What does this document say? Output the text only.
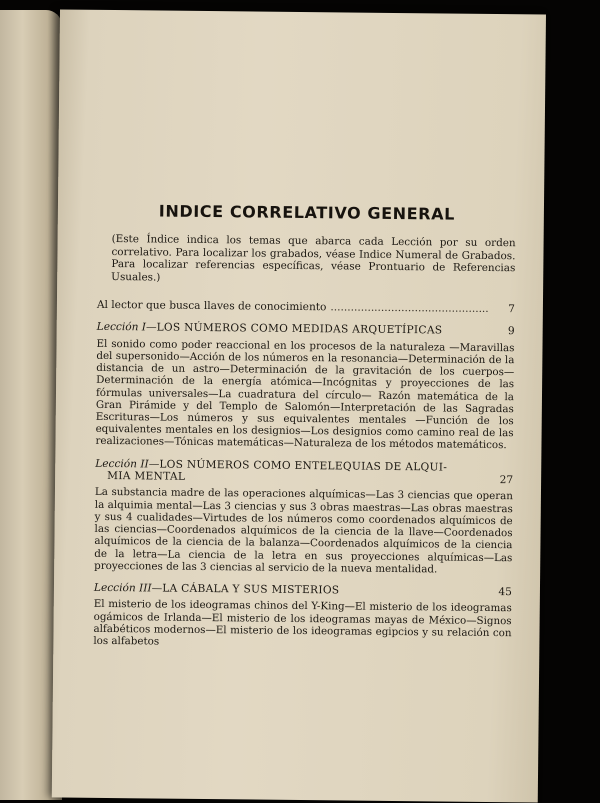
INDICE CORRELATIVO GENERAL

(Este Índice indica los temas que abarca cada Lección por su orden correlativo. Para localizar los grabados, véase Indice Numeral de Grabados. Para localizar referencias específicas, véase Prontuario de Referencias Usuales.)

Al lector que busca llaves de conocimiento ...............................................	7
Lección I—LOS NÚMEROS COMO MEDIDAS ARQUETÍPICAS	9

El sonido como poder reaccional en los procesos de la naturaleza —Maravillas del supersonido—Acción de los números en la resonancia—Determinación de la distancia de un astro—Determinación de la gravitación de los cuerpos—Determinación de la energía atómica—Incógnitas y proyecciones de las fórmulas universales—La cuadratura del círculo— Razón matemática de la Gran Pirámide y del Templo de Salomón—Interpretación de las Sagradas Escrituras—Los números y sus equivalentes mentales —Función de los equivalentes mentales en los designios—Los designios como camino real de las realizaciones—Tónicas matemáticas—Naturaleza de los métodos matemáticos.

Lección II—LOS NÚMEROS COMO ENTELEQUIAS DE ALQUI-
MIA MENTAL	27

La substancia madre de las operaciones alquímicas—Las 3 ciencias que operan la alquimia mental—Las 3 ciencias y sus 3 obras maestras—Las obras maestras y sus 4 cualidades—Virtudes de los números como coordenados alquímicos de las ciencias—Coordenados alquímicos de la ciencia de la llave—Coordenados alquímicos de la ciencia de la balanza—Coordenados alquímicos de la ciencia de la letra—La ciencia de la letra en sus proyecciones alquímicas—Las proyecciones de las 3 ciencias al servicio de la nueva mentalidad.

Lección III—LA CÁBALA Y SUS MISTERIOS	45

El misterio de los ideogramas chinos del Y-King—El misterio de los ideogramas ogámicos de Irlanda—El misterio de los ideogramas mayas de México—Signos alfabéticos modernos—El misterio de los ideogramas egipcios y su relación con los alfabetos
